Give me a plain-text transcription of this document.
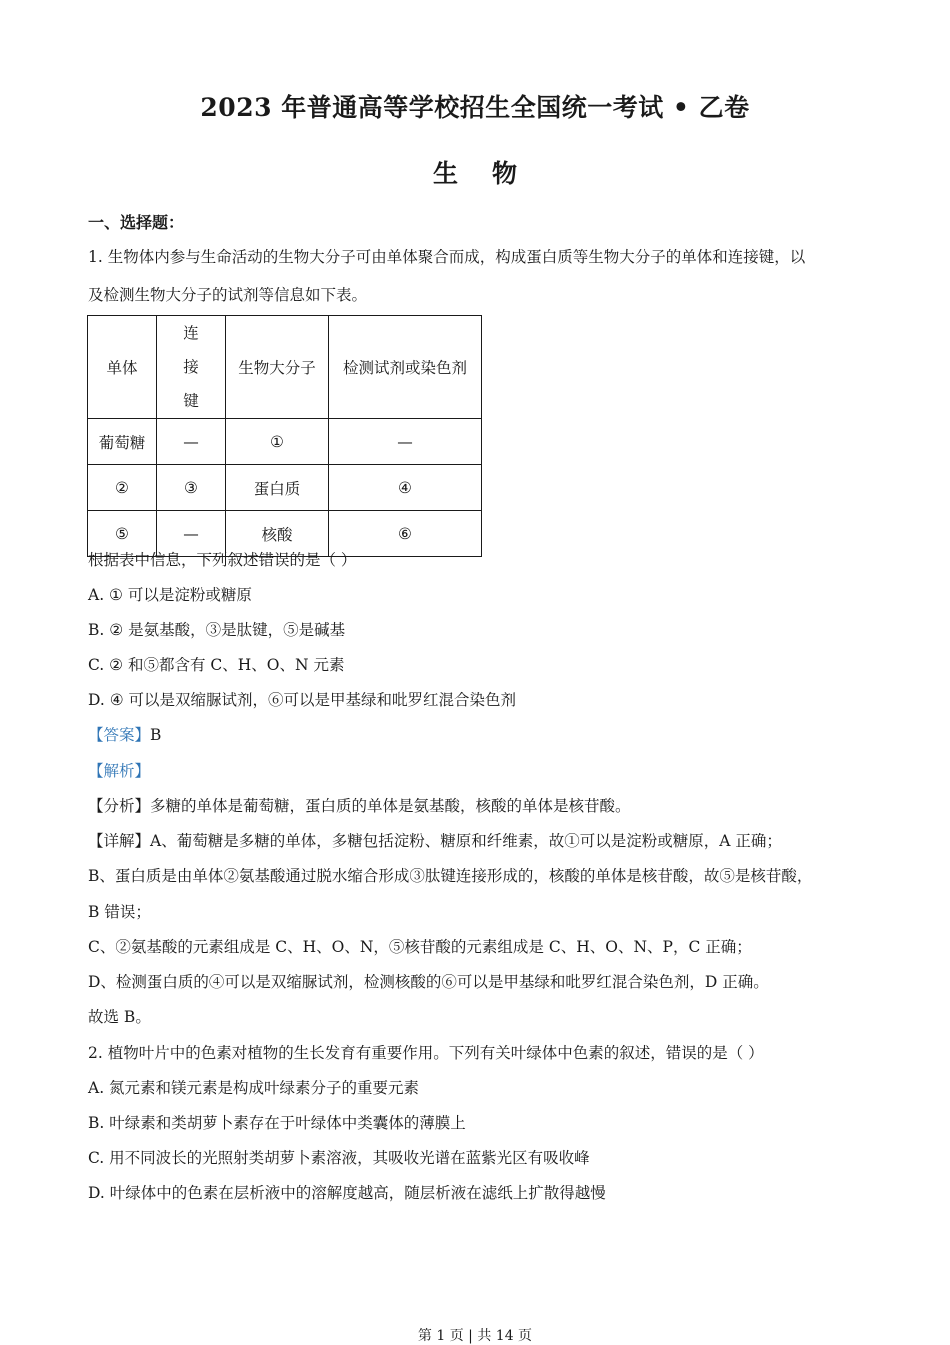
2023 年普通高等学校招生全国统一考试 • 乙卷
生物
一、选择题：
1. 生物体内参与生命活动的生物大分子可由单体聚合而成，构成蛋白质等生物大分子的单体和连接键，以
及检测生物大分子的试剂等信息如下表。
单体	连接键	生物大分子	检测试剂或染色剂
葡萄糖	—	①	—
②	③	蛋白质	④
⑤	—	核酸	⑥
根据表中信息，下列叙述错误的是（ ）
A. ① 可以是淀粉或糖原
B. ② 是氨基酸，③是肽键，⑤是碱基
C. ② 和⑤都含有 C、H、O、N 元素
D. ④ 可以是双缩脲试剂，⑥可以是甲基绿和吡罗红混合染色剂
【答案】B
【解析】
【分析】多糖的单体是葡萄糖，蛋白质的单体是氨基酸，核酸的单体是核苷酸。
【详解】A、葡萄糖是多糖的单体，多糖包括淀粉、糖原和纤维素，故①可以是淀粉或糖原，A 正确；
B、蛋白质是由单体②氨基酸通过脱水缩合形成③肽键连接形成的，核酸的单体是核苷酸，故⑤是核苷酸，
B 错误；
C、②氨基酸的元素组成是 C、H、O、N，⑤核苷酸的元素组成是 C、H、O、N、P，C 正确；
D、检测蛋白质的④可以是双缩脲试剂，检测核酸的⑥可以是甲基绿和吡罗红混合染色剂，D 正确。
故选 B。
2. 植物叶片中的色素对植物的生长发育有重要作用。下列有关叶绿体中色素的叙述，错误的是（ ）
A. 氮元素和镁元素是构成叶绿素分子的重要元素
B. 叶绿素和类胡萝卜素存在于叶绿体中类囊体的薄膜上
C. 用不同波长的光照射类胡萝卜素溶液，其吸收光谱在蓝紫光区有吸收峰
D. 叶绿体中的色素在层析液中的溶解度越高，随层析液在滤纸上扩散得越慢
第 1 页 | 共 14 页
